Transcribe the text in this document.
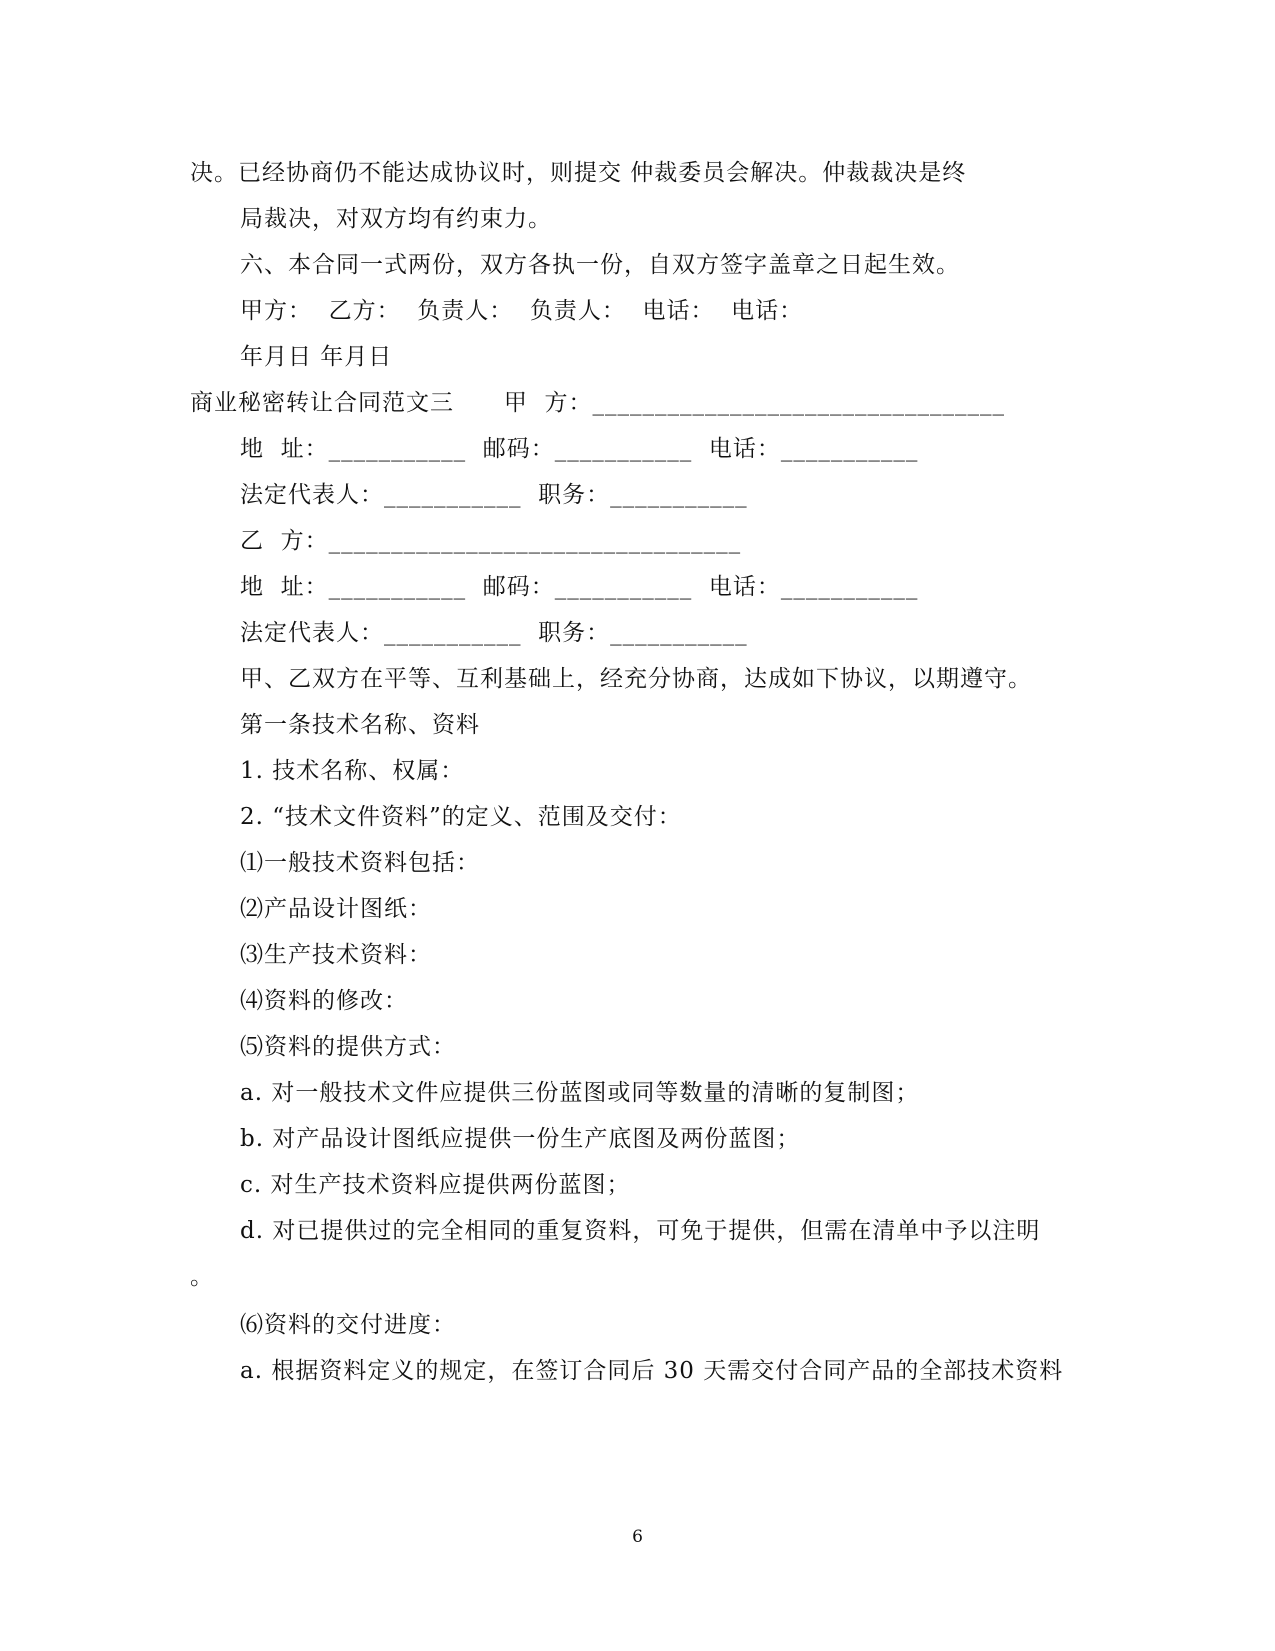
决。已经协商仍不能达成协议时，则提交 仲裁委员会解决。仲裁裁决是终
局裁决，对双方均有约束力。
六、本合同一式两份，双方各执一份，自双方签字盖章之日起生效。
甲方：  乙方：  负责人：  负责人：  电话：  电话：
年月日 年月日
商业秘密转让合同范文三      甲  方：_________________________________
地  址：___________  邮码：___________  电话：___________
法定代表人：___________  职务：___________
乙  方：_________________________________
地  址：___________  邮码：___________  电话：___________
法定代表人：___________  职务：___________
甲、乙双方在平等、互利基础上，经充分协商，达成如下协议，以期遵守。
第一条技术名称、资料
1. 技术名称、权属：
2. “技术文件资料”的定义、范围及交付：
⑴一般技术资料包括：
⑵产品设计图纸：
⑶生产技术资料：
⑷资料的修改：
⑸资料的提供方式：
a. 对一般技术文件应提供三份蓝图或同等数量的清晰的复制图；
b. 对产品设计图纸应提供一份生产底图及两份蓝图；
c. 对生产技术资料应提供两份蓝图；
d. 对已提供过的完全相同的重复资料，可免于提供，但需在清单中予以注明
。
⑹资料的交付进度：
a. 根据资料定义的规定，在签订合同后 30 天需交付合同产品的全部技术资料
6
